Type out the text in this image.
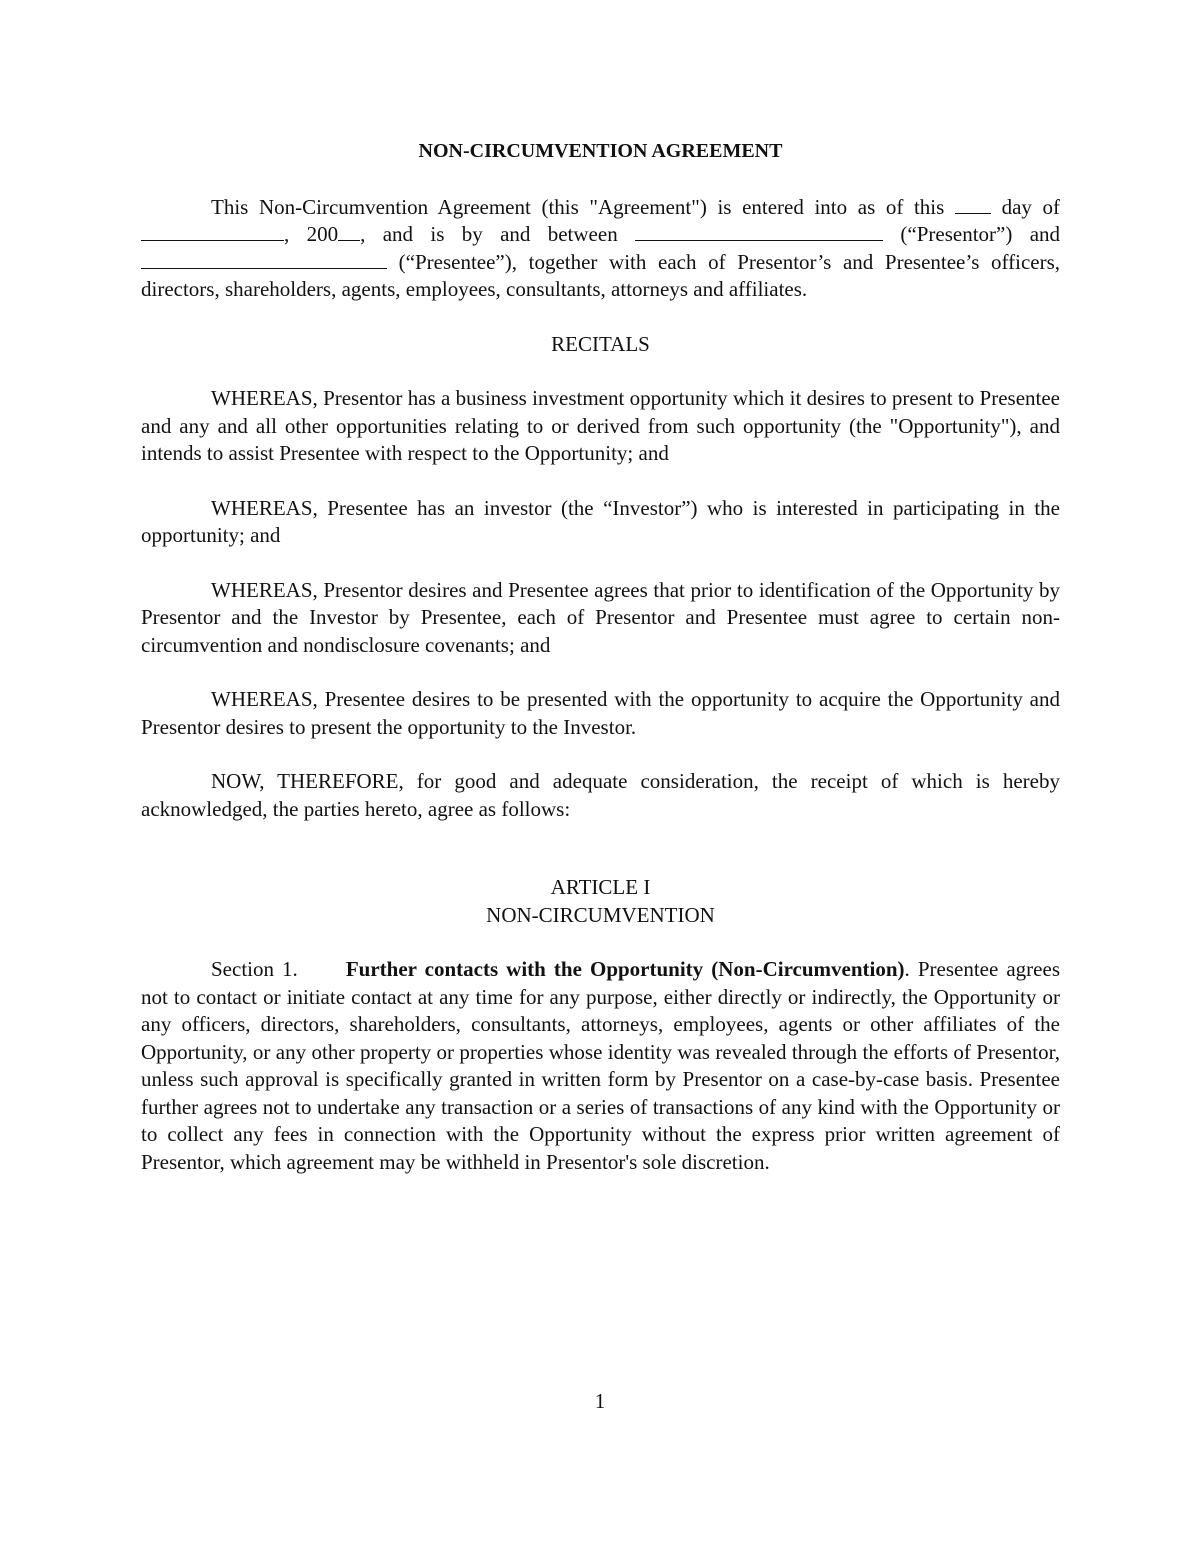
NON-CIRCUMVENTION AGREEMENT
This Non-Circumvention Agreement (this "Agreement") is entered into as of this	day of , 200 , and is by and between	(“Presentor”) and  (“Presentee”), together with each of Presentor’s and Presentee’s officers, directors, shareholders, agents, employees, consultants, attorneys and affiliates.
RECITALS
WHEREAS, Presentor has a business investment opportunity which it desires to present to Presentee and any and all other opportunities relating to or derived from such opportunity (the "Opportunity"), and intends to assist Presentee with respect to the Opportunity; and
WHEREAS, Presentee has an investor (the “Investor”) who is interested in participating in the opportunity; and
WHEREAS, Presentor desires and Presentee agrees that prior to identification of the Opportunity by Presentor and the Investor by Presentee, each of Presentor and Presentee must agree to certain non-circumvention and nondisclosure covenants; and
WHEREAS, Presentee desires to be presented with the opportunity to acquire the Opportunity and Presentor desires to present the opportunity to the Investor.
NOW, THEREFORE, for good and adequate consideration, the receipt of which is hereby acknowledged, the parties hereto, agree as follows:
ARTICLE I
NON-CIRCUMVENTION
Section 1. Further contacts with the Opportunity (Non-Circumvention). Presentee agrees not to contact or initiate contact at any time for any purpose, either directly or indirectly, the Opportunity or any officers, directors, shareholders, consultants, attorneys, employees, agents or other affiliates of the Opportunity, or any other property or properties whose identity was revealed through the efforts of Presentor, unless such approval is specifically granted in written form by Presentor on a case-by-case basis. Presentee further agrees not to undertake any transaction or a series of transactions of any kind with the Opportunity or to collect any fees in connection with the Opportunity without the express prior written agreement of Presentor, which agreement may be withheld in Presentor's sole discretion.
1
